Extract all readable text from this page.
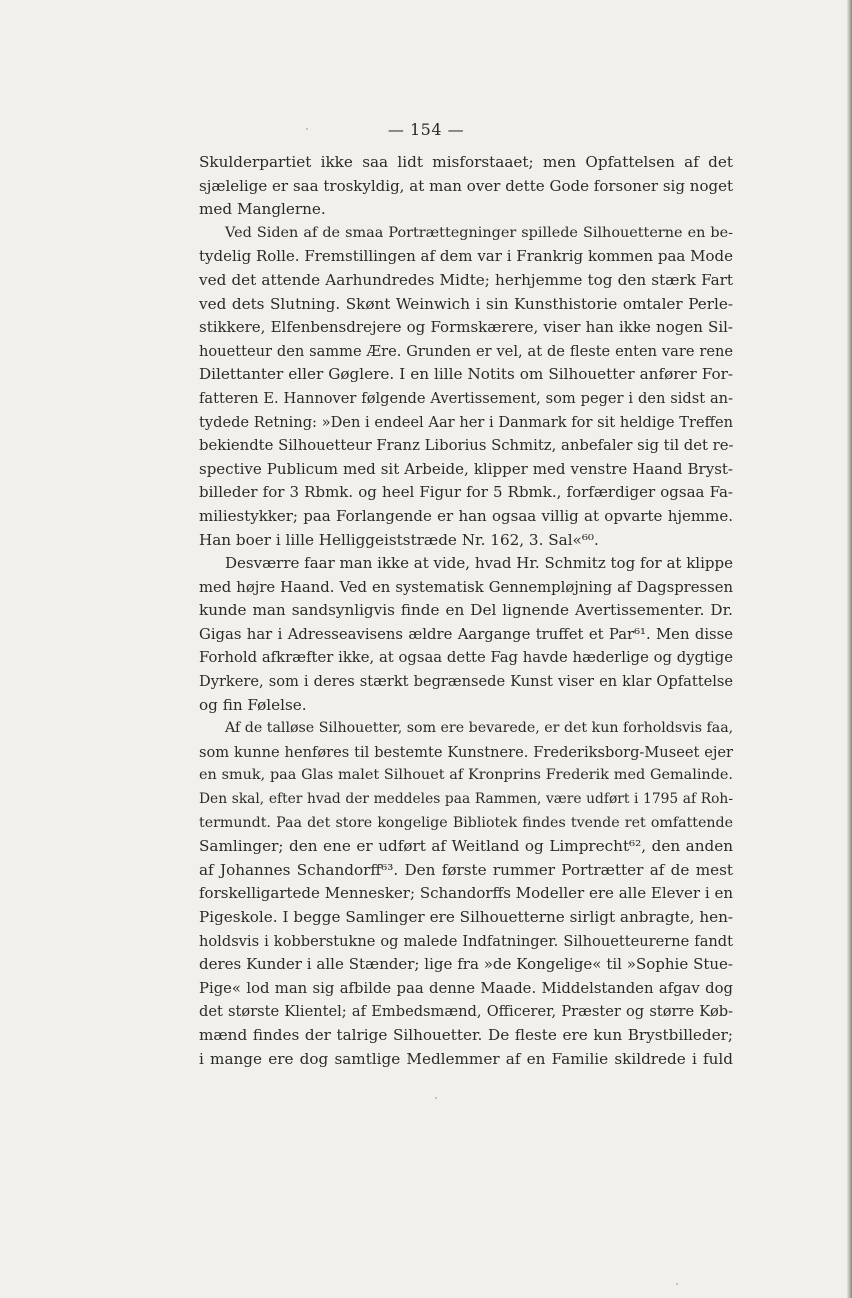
— 154 —
Skulderpartiet ikke saa lidt misforstaaet; men Opfattelsen af det
sjælelige er saa troskyldig, at man over dette Gode forsoner sig noget
med Manglerne.
Ved Siden af de smaa Portrættegninger spillede Silhouetterne en be-
tydelig Rolle. Fremstillingen af dem var i Frankrig kommen paa Mode
ved det attende Aarhundredes Midte; herhjemme tog den stærk Fart
ved dets Slutning. Skønt Weinwich i sin Kunsthistorie omtaler Perle-
stikkere, Elfenbensdrejere og Formskærere, viser han ikke nogen Sil-
houetteur den samme Ære. Grunden er vel, at de fleste enten vare rene
Dilettanter eller Gøglere. I en lille Notits om Silhouetter anfører For-
fatteren E. Hannover følgende Avertissement, som peger i den sidst an-
tydede Retning: »Den i endeel Aar her i Danmark for sit heldige Treffen
bekiendte Silhouetteur Franz Liborius Schmitz, anbefaler sig til det re-
spective Publicum med sit Arbeide, klipper med venstre Haand Bryst-
billeder for 3 Rbmk. og heel Figur for 5 Rbmk., forfærdiger ogsaa Fa-
miliestykker; paa Forlangende er han ogsaa villig at opvarte hjemme.
Han boer i lille Helliggeiststræde Nr. 162, 3. Sal«⁶⁰.
Desværre faar man ikke at vide, hvad Hr. Schmitz tog for at klippe
med højre Haand. Ved en systematisk Gennempløjning af Dagspressen
kunde man sandsynligvis finde en Del lignende Avertissementer. Dr.
Gigas har i Adresseavisens ældre Aargange truffet et Par⁶¹. Men disse
Forhold afkræfter ikke, at ogsaa dette Fag havde hæderlige og dygtige
Dyrkere, som i deres stærkt begrænsede Kunst viser en klar Opfattelse
og fin Følelse.
Af de talløse Silhouetter, som ere bevarede, er det kun forholdsvis faa,
som kunne henføres til bestemte Kunstnere. Frederiksborg-Museet ejer
en smuk, paa Glas malet Silhouet af Kronprins Frederik med Gemalinde.
Den skal, efter hvad der meddeles paa Rammen, være udført i 1795 af Roh-
termundt. Paa det store kongelige Bibliotek findes tvende ret omfattende
Samlinger; den ene er udført af Weitland og Limprecht⁶², den anden
af Johannes Schandorff⁶³. Den første rummer Portrætter af de mest
forskelligartede Mennesker; Schandorffs Modeller ere alle Elever i en
Pigeskole. I begge Samlinger ere Silhouetterne sirligt anbragte, hen-
holdsvis i kobberstukne og malede Indfatninger. Silhouetteurerne fandt
deres Kunder i alle Stænder; lige fra »de Kongelige« til »Sophie Stue-
Pige« lod man sig afbilde paa denne Maade. Middelstanden afgav dog
det største Klientel; af Embedsmænd, Officerer, Præster og større Køb-
mænd findes der talrige Silhouetter. De fleste ere kun Brystbilleder;
i mange ere dog samtlige Medlemmer af en Familie skildrede i fuld
